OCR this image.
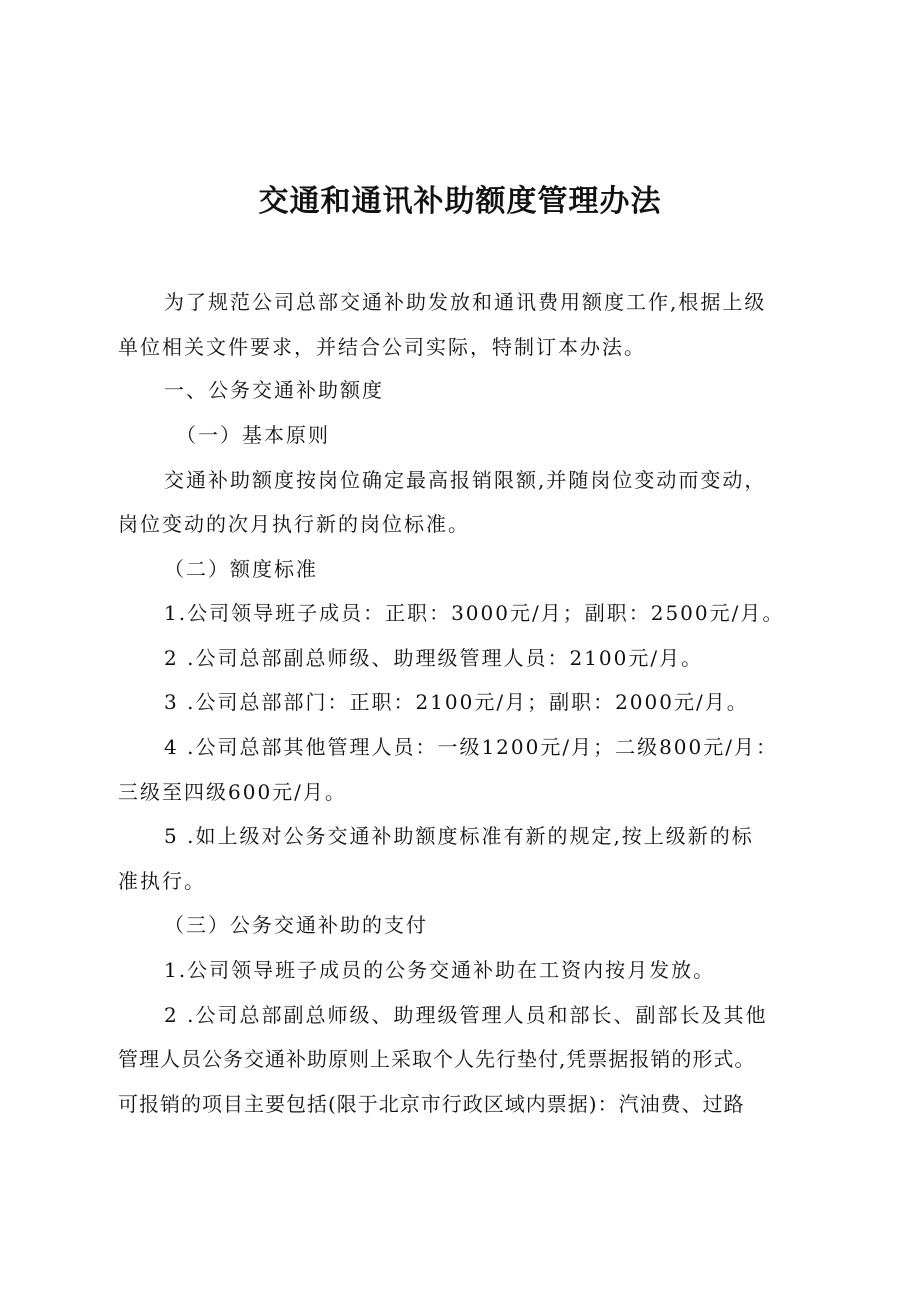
交通和通讯补助额度管理办法
为了规范公司总部交通补助发放和通讯费用额度工作,根据上级
单位相关文件要求，并结合公司实际，特制订本办法。
一、公务交通补助额度
（一）基本原则
交通补助额度按岗位确定最高报销限额,并随岗位变动而变动，
岗位变动的次月执行新的岗位标准。
（二）额度标准
1.公司领导班子成员：正职：3000元/月；副职：2500元/月。
2 .公司总部副总师级、助理级管理人员：2100元/月。
3 .公司总部部门：正职：2100元/月；副职：2000元/月。
4 .公司总部其他管理人员：一级1200元/月；二级800元/月：
三级至四级600元/月。
5 .如上级对公务交通补助额度标准有新的规定,按上级新的标
准执行。
（三）公务交通补助的支付
1.公司领导班子成员的公务交通补助在工资内按月发放。
2 .公司总部副总师级、助理级管理人员和部长、副部长及其他
管理人员公务交通补助原则上采取个人先行垫付,凭票据报销的形式。
可报销的项目主要包括(限于北京市行政区域内票据)：汽油费、过路
